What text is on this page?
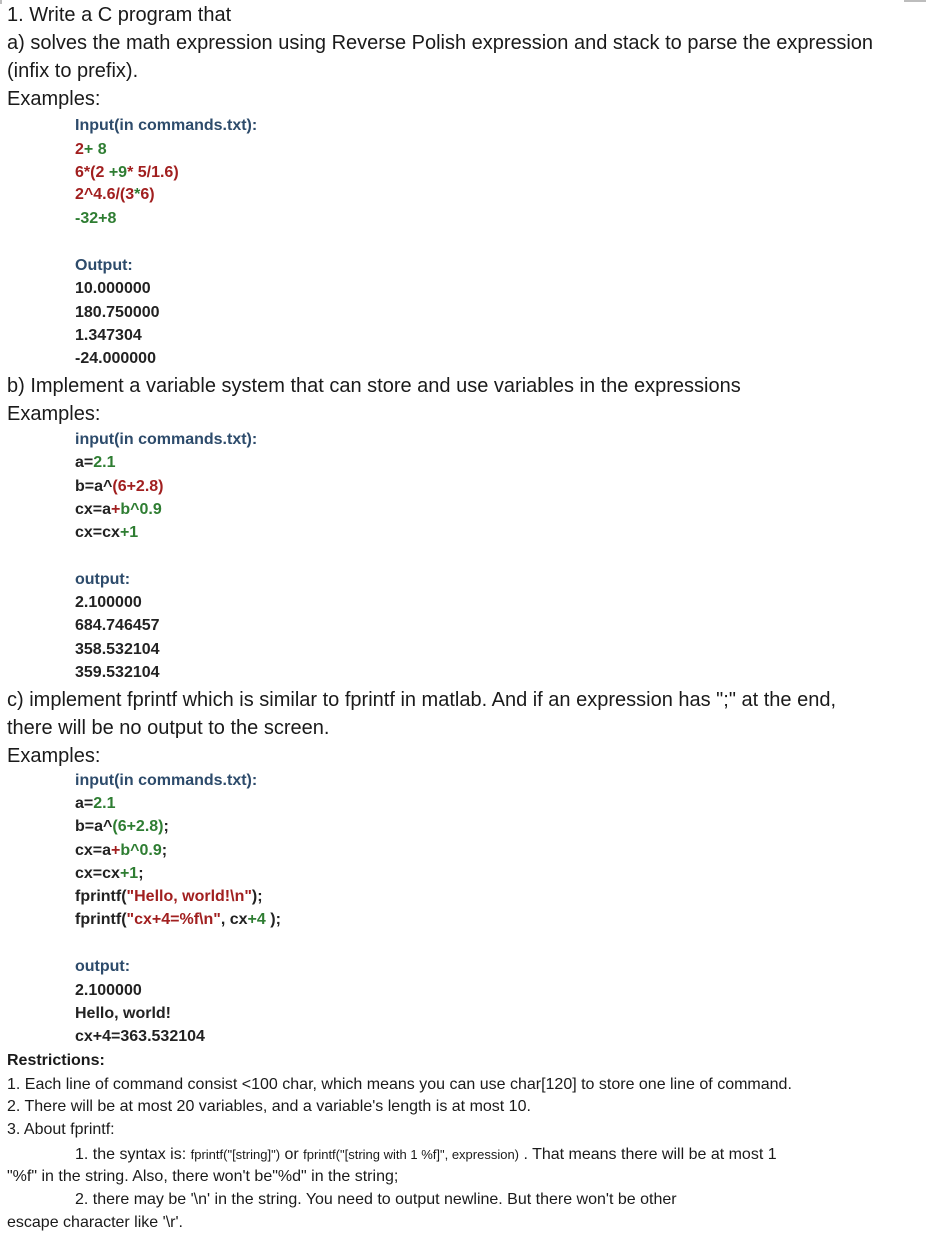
1. Write a C program that
a) solves the math expression using Reverse Polish expression and stack to parse the expression
(infix to prefix).
Examples:
Input(in commands.txt):
2+ 8
6*(2 +9* 5/1.6)
2^4.6/(3*6)
-32+8
Output:
10.000000
180.750000
1.347304
-24.000000
b) Implement a variable system that can store and use variables in the expressions
Examples:
input(in commands.txt):
a=2.1
b=a^(6+2.8)
cx=a+b^0.9
cx=cx+1
output:
2.100000
684.746457
358.532104
359.532104
c) implement fprintf which is similar to fprintf in matlab. And if an expression has ";" at the end,
there will be no output to the screen.
Examples:
input(in commands.txt):
a=2.1
b=a^(6+2.8);
cx=a+b^0.9;
cx=cx+1;
fprintf("Hello, world!\n");
fprintf("cx+4=%f\n", cx+4 );
output:
2.100000
Hello, world!
cx+4=363.532104
Restrictions:
1. Each line of command consist <100 char, which means you can use char[120] to store one line of command.
2. There will be at most 20 variables, and a variable's length is at most 10.
3. About fprintf:
1. the syntax is: fprintf("[string]") or fprintf("[string with 1 %f]", expression) . That means there will be at most 1
"%f" in the string. Also, there won't be"%d" in the string;
2. there may be '\n' in the string. You need to output newline. But there won't be other
escape character like '\r'.
